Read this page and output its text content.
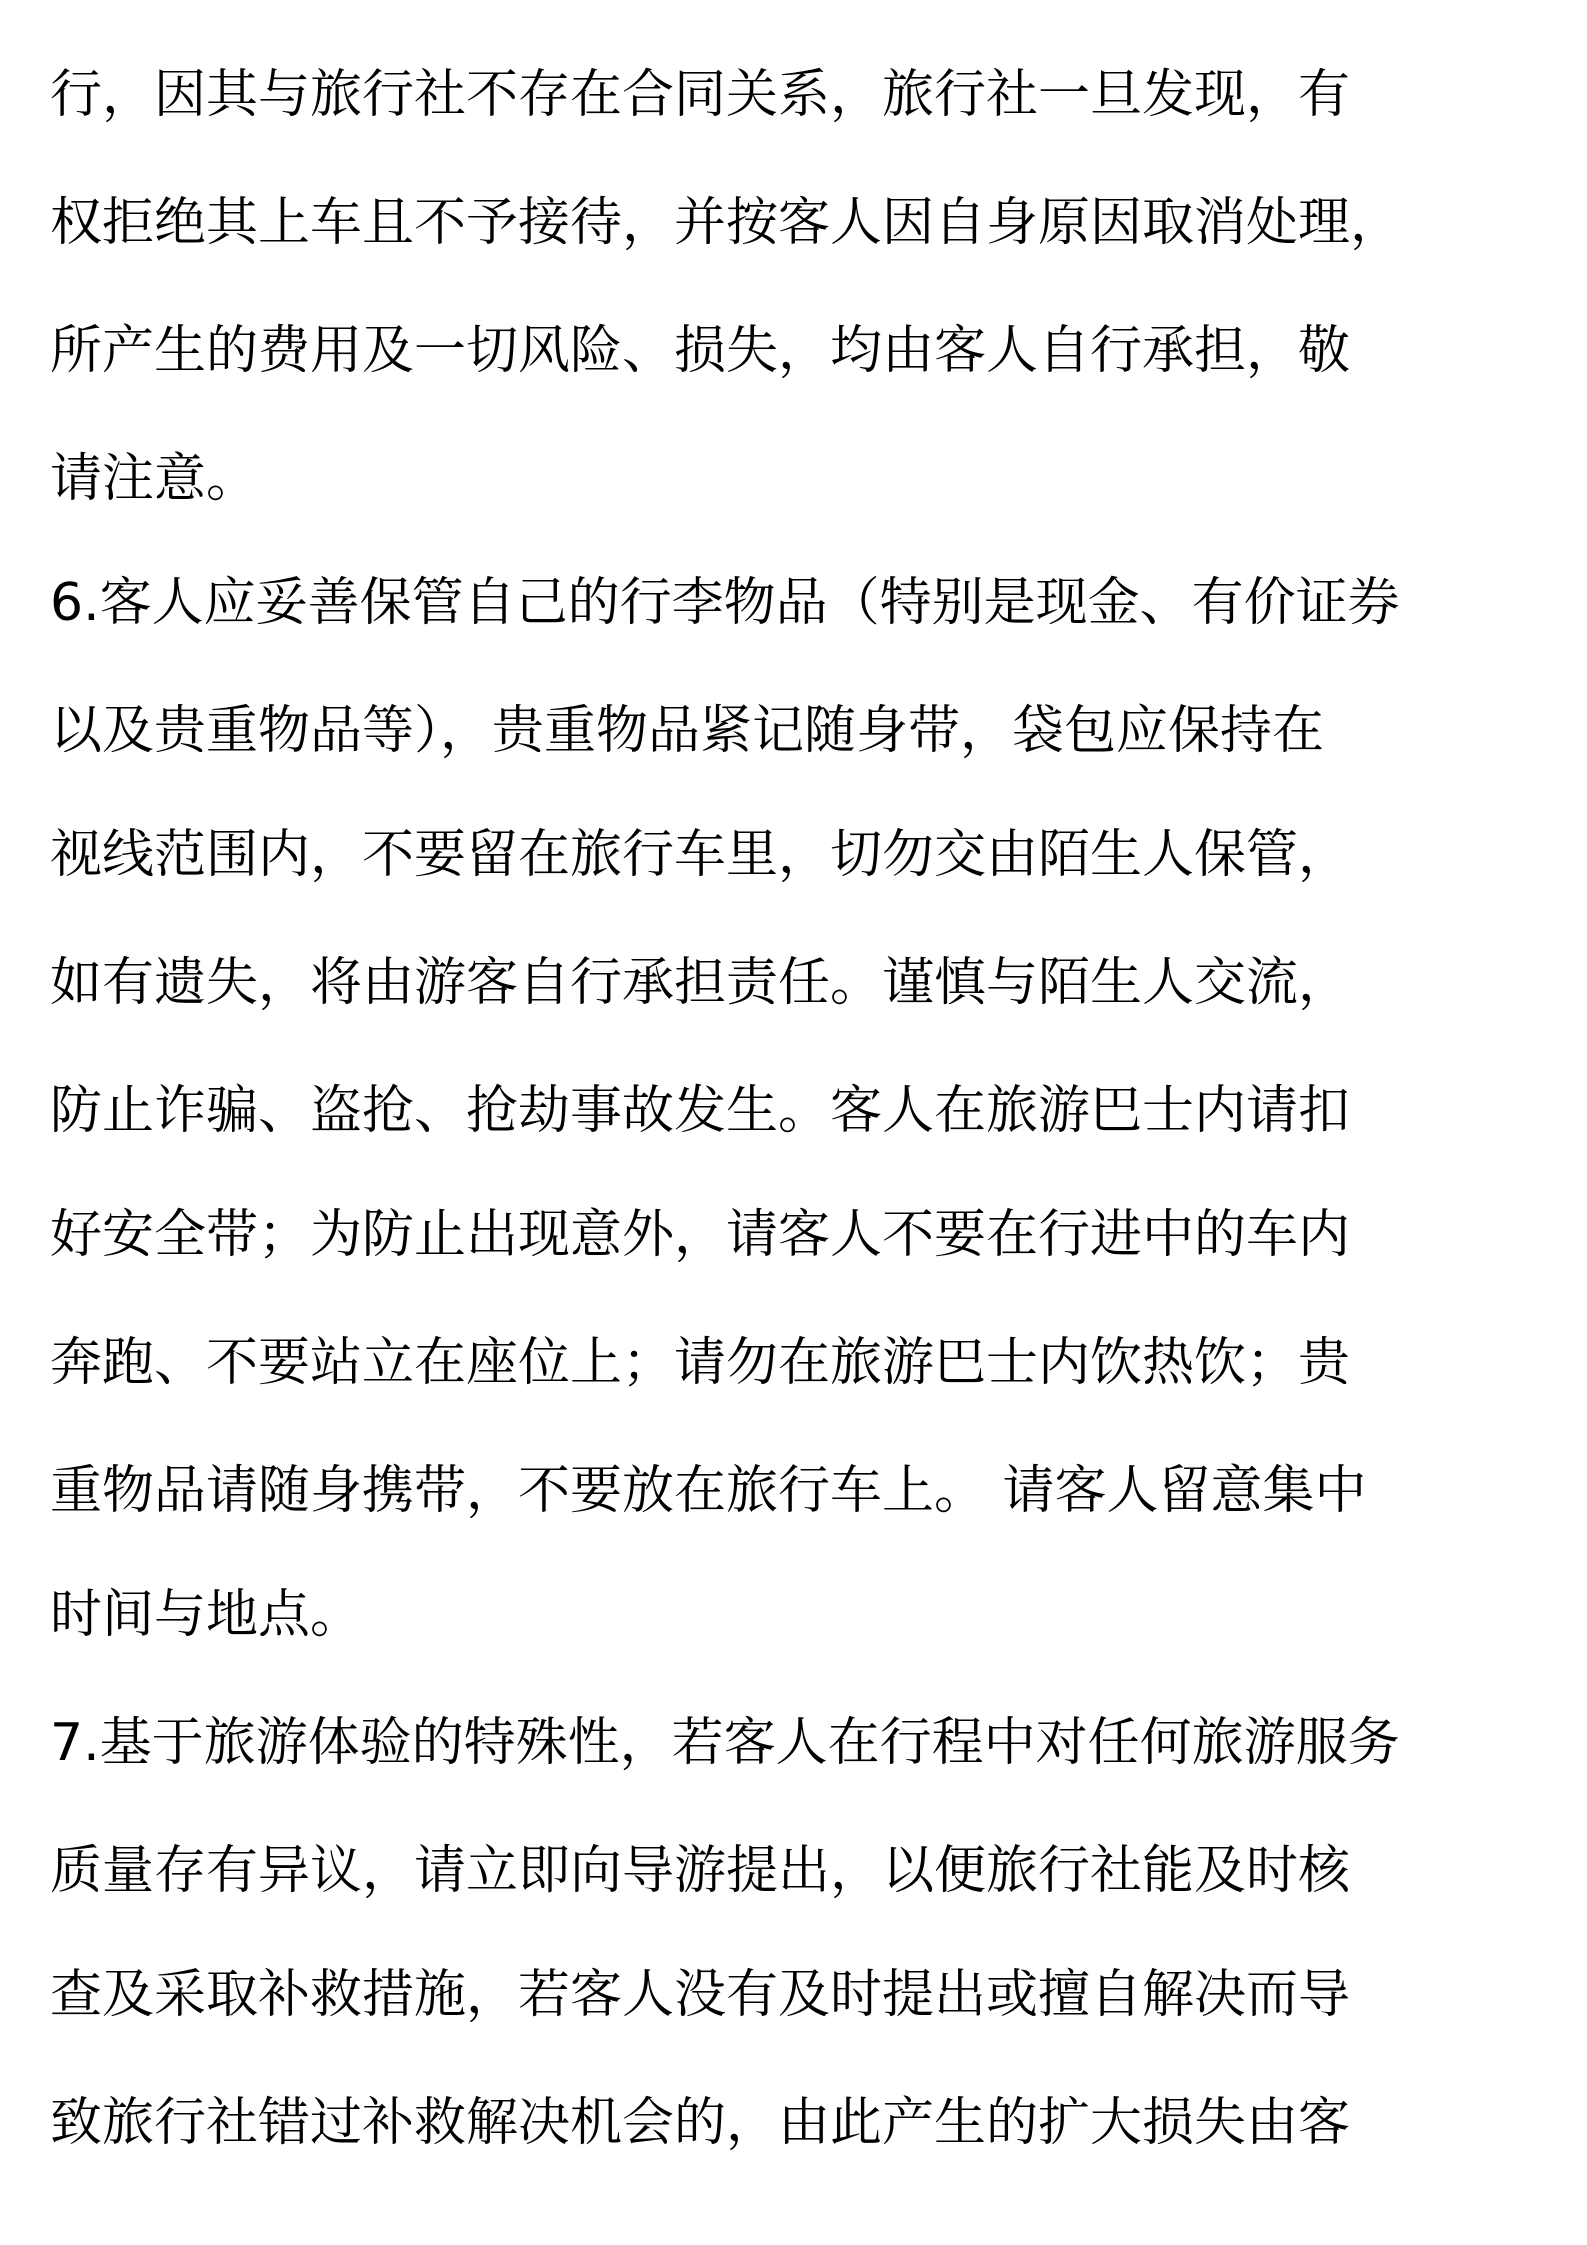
行，因其与旅行社不存在合同关系，旅行社一旦发现，有
权拒绝其上车且不予接待，并按客人因自身原因取消处理，
所产生的费用及一切风险、损失，均由客人自行承担，敬
请注意。
6.客人应妥善保管自己的行李物品（特别是现金、有价证券
以及贵重物品等），贵重物品紧记随身带，袋包应保持在
视线范围内，不要留在旅行车里，切勿交由陌生人保管，
如有遗失，将由游客自行承担责任。谨慎与陌生人交流，
防止诈骗、盗抢、抢劫事故发生。客人在旅游巴士内请扣
好安全带；为防止出现意外，请客人不要在行进中的车内
奔跑、不要站立在座位上；请勿在旅游巴士内饮热饮；贵
重物品请随身携带，不要放在旅行车上。 请客人留意集中
时间与地点。
7.基于旅游体验的特殊性，若客人在行程中对任何旅游服务
质量存有异议，请立即向导游提出，以便旅行社能及时核
查及采取补救措施，若客人没有及时提出或擅自解决而导
致旅行社错过补救解决机会的，由此产生的扩大损失由客
